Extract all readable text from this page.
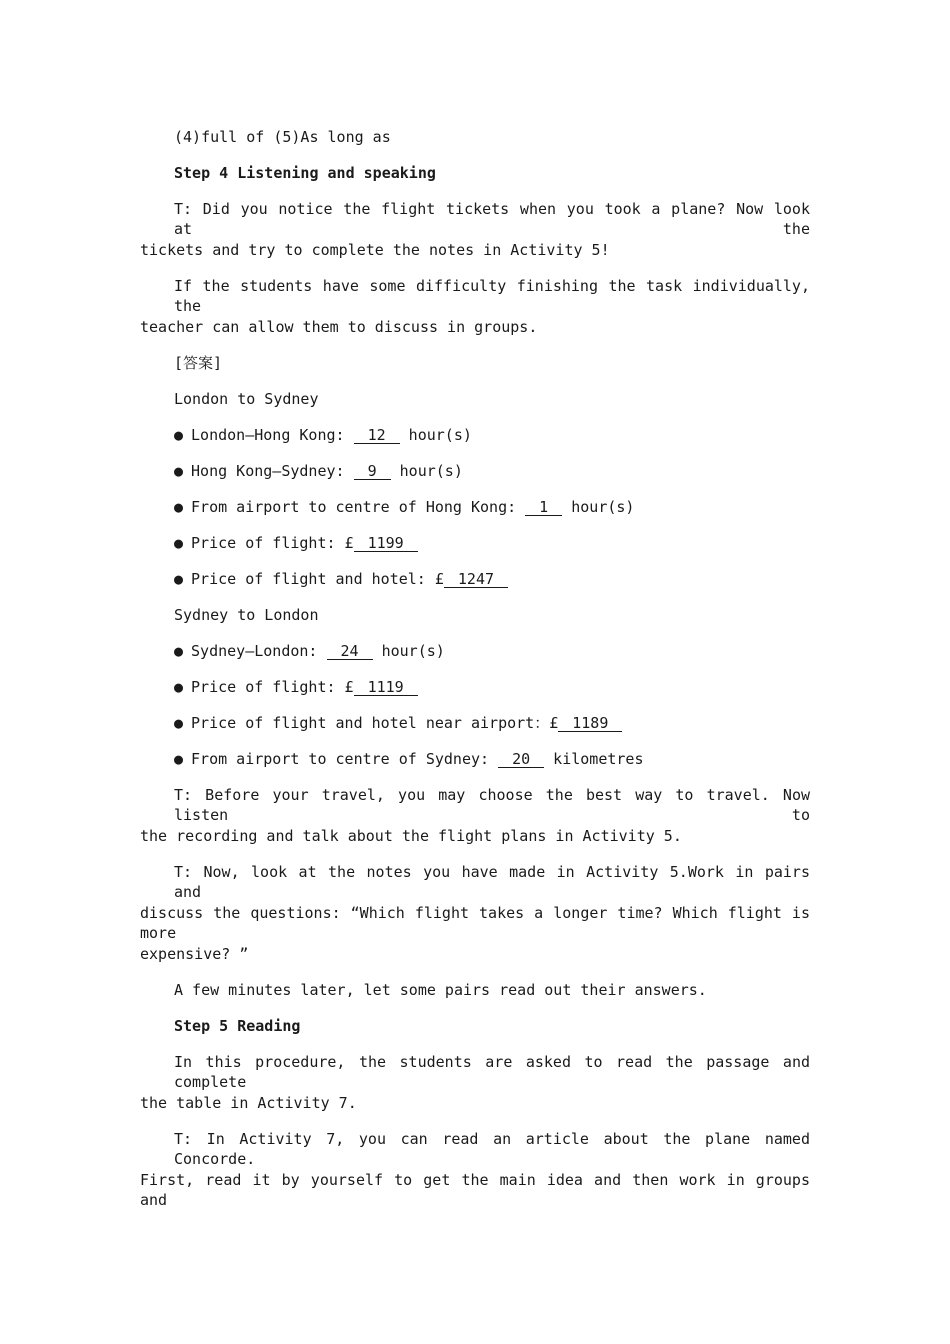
(4)full of (5)As long as
Step 4 Listening and speaking
T: Did you notice the flight tickets when you took a plane? Now look at the
tickets and try to complete the notes in Activity 5!
If the students have some difficulty finishing the task individually, the
teacher can allow them to discuss in groups.
[答案]
London to Sydney
● London—Hong Kong: 12 hour(s)
● Hong Kong—Sydney: 9 hour(s)
● From airport to centre of Hong Kong: 1 hour(s)
● Price of flight: £ 1199
● Price of flight and hotel: £ 1247
Sydney to London
● Sydney—London: 24 hour(s)
● Price of flight: £ 1119
● Price of flight and hotel near airport：£ 1189
● From airport to centre of Sydney: 20 kilometres
T: Before your travel, you may choose the best way to travel. Now listen to
the recording and talk about the flight plans in Activity 5.
T: Now, look at the notes you have made in Activity 5.Work in pairs and
discuss the questions: “Which flight takes a longer time? Which flight is more
expensive? ”
A few minutes later, let some pairs read out their answers.
Step 5 Reading
In this procedure, the students are asked to read the passage and complete
the table in Activity 7.
T: In Activity 7, you can read an article about the plane named Concorde.
First, read it by yourself to get the main idea and then work in groups and
